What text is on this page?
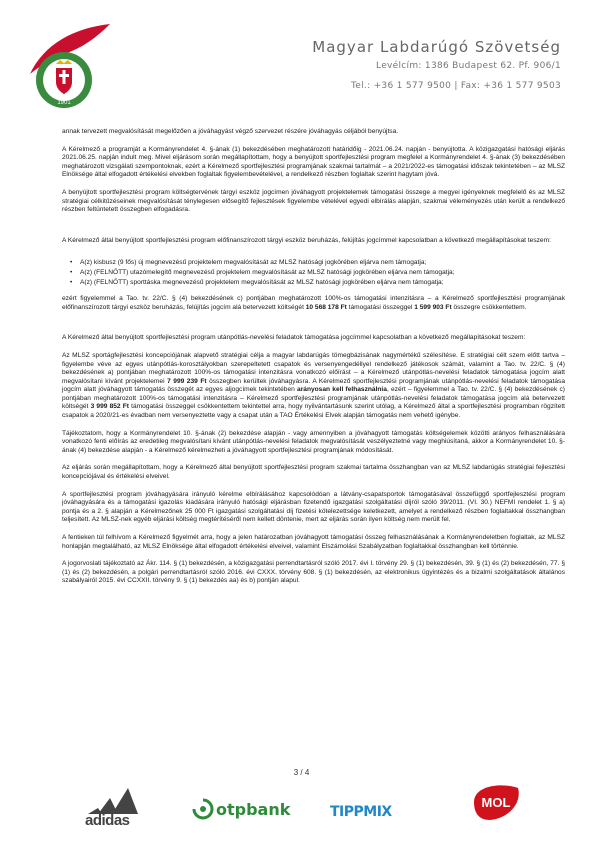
1901
Magyar Labdarúgó Szövetség
Levélcím: 1386 Budapest 62. Pf. 906/1
Tel.: +36 1 577 9500 | Fax: +36 1 577 9503

annak tervezett megvalósítását megelőzően a jóváhagyást végző szervezet részére jóváhagyás céljából benyújtsa.

A Kérelmező a programját a Kormányrendelet 4. §-ának (1) bekezdésében meghatározott határidőig - 2021.06.24. napján - benyújtotta. A közigazgatási hatósági eljárás 2021.06.25. napján indult meg. Mivel eljárásom során megállapítottam, hogy a benyújtott sportfejlesztési program megfelel a Kormányrendelet 4. §-ának (3) bekezdésében meghatározott vizsgálati szempontoknak, ezért a Kérelmező sportfejlesztési programjának szakmai tartalmát – a 2021/2022-es támogatási időszak tekintetében – az MLSZ Elnöksége által elfogadott értékelési elvekben foglaltak figyelembevételével, a rendelkező részben foglaltak szerint hagytam jóvá.

A benyújtott sportfejlesztési program költségtervének tárgyi eszköz jogcímen jóváhagyott projektelemek támogatási összege a megyei igényeknek megfelelő és az MLSZ stratégiai célkitűzéseinek megvalósítását ténylegesen elősegítő fejlesztések figyelembe vételével egyedi elbírálás alapján, szakmai véleményezés után került a rendelkező részben feltüntetett összegben elfogadásra.

A Kérelmező által benyújtott sportfejlesztési program előfinanszírozott tárgyi eszköz beruházás, felújítás jogcímmel kapcsolatban a következő megállapításokat teszem:

• A(z) kisbusz (9 fős) új megnevezésű projektelem megvalósítását az MLSZ hatósági jogkörében eljárva nem támogatja;
• A(z) (FELNŐTT) utazómelegítő megnevezésű projektelem megvalósítását az MLSZ hatósági jogkörében eljárva nem támogatja;
• A(z) (FELNŐTT) sporttáska megnevezésű projektelem megvalósítását az MLSZ hatósági jogkörében eljárva nem támogatja;

ezért figyelemmel a Tao. tv. 22/C. § (4) bekezdésének c) pontjában meghatározott 100%-os támogatási intenzitásra – a Kérelmező sportfejlesztési programjának előfinanszírozott tárgyi eszköz beruházás, felújítás jogcím alá betervezett költségét 10 568 178 Ft támogatási összeggel 1 599 903 Ft összegre csökkentettem.

A Kérelmező által benyújtott sportfejlesztési program utánpótlás-nevelési feladatok támogatása jogcímmel kapcsolatban a következő megállapításokat teszem:

Az MLSZ sportágfejlesztési koncepciójának alapvető stratégiai célja a magyar labdarúgás tömegbázisának nagymértékű szélesítése. E stratégiai célt szem előtt tartva – figyelembe véve az egyes utánpótlás-korosztályokban szerepeltetett csapatok és versenyengedéllyel rendelkező játékosok számát, valamint a Tao. tv. 22/C. § (4) bekezdésének a) pontjában meghatározott 100%-os támogatási intenzitásra vonatkozó előírást – a Kérelmező utánpótlás-nevelési feladatok támogatása jogcím alatt megvalósítani kívánt projektelemei 7 999 239 Ft összegben kerültek jóváhagyásra. A Kérelmező sportfejlesztési programjának utánpótlás-nevelési feladatok támogatása jogcím alatt jóváhagyott támogatás összegét az egyes aljogcímek tekintetében arányosan kell felhasználnia, ezért – figyelemmel a Tao. tv. 22/C. § (4) bekezdésének c) pontjában meghatározott 100%-os támogatási intenzitásra – Kérelmező sportfejlesztési programjának utánpótlás-nevelési feladatok támogatása jogcím alá betervezett költségét 3 999 852 Ft támogatási összeggel csökkentettem tekintettel arra, hogy nyilvántartásunk szerint utólag, a Kérelmező által a sportfejlesztési programban rögzített csapatok a 2020/21-es évadban nem versenyeztette vagy a csapat után a TAO Értékelési Elvek alapján támogatás nem vehető igénybe.

Tájékoztatom, hogy a Kormányrendelet 10. §-ának (2) bekezdése alapján - vagy amennyiben a jóváhagyott támogatás költségelemek közötti arányos felhasználására vonatkozó fenti előírás az eredetileg megvalósítani kívánt utánpótlás-nevelési feladatok megvalósítását veszélyeztetné vagy meghiúsítaná, akkor a Kormányrendelet 10. §-ának (4) bekezdése alapján - a Kérelmező kérelmezheti a jóváhagyott sportfejlesztési programjának módosítását.

Az eljárás során megállapítottam, hogy a Kérelmező által benyújtott sportfejlesztési program szakmai tartalma összhangban van az MLSZ labdarúgás stratégiai fejlesztési koncepciójával és értékelési elveivel.

A sportfejlesztési program jóváhagyására irányuló kérelme elbírálásához kapcsolódóan a látvány-csapatsportok támogatásával összefüggő sportfejlesztési program jóváhagyására és a támogatási igazolás kiadására irányuló hatósági eljárásban fizetendő igazgatási szolgáltatási díjról szóló 39/2011. (VI. 30.) NEFMI rendelet 1. § a) pontja és a 2. § alapján a Kérelmezőnek 25 000 Ft igazgatási szolgáltatási díj fizetési kötelezettsége keletkezett, amelyet a rendelkező részben foglaltakkal összhangban teljesített. Az MLSZ-nek egyéb eljárási költség megtérítéséről nem kellett döntenie, mert az eljárás során ilyen költség nem merült fel.

A fentieken túl felhívom a Kérelmező figyelmét arra, hogy a jelen határozatban jóváhagyott támogatási összeg felhasználásának a Kormányrendeletben foglaltak, az MLSZ honlapján megtalálható, az MLSZ Elnöksége által elfogadott értékelési elveivel, valamint Elszámolási Szabályzatban foglaltakkal összhangban kell történnie.

A jogorvoslati tájékoztató az Ákr. 114. § (1) bekezdésén, a közigazgatási perrendtartásról szóló 2017. évi I. törvény 29. § (1) bekezdésén, 39. § (1) és (2) bekezdésén, 77. § (1) és (2) bekezdésén, a polgári perrendtartásról szóló 2016. évi CXXX. törvény 608. § (1) bekezdésén, az elektronikus ügyintézés és a bizalmi szolgáltatások általános szabályairól 2015. évi CCXXII. törvény 9. § (1) bekezdés aa) és b) pontján alapul.

3 / 4
adidas
otpbank	TIPPMIX
MOL
